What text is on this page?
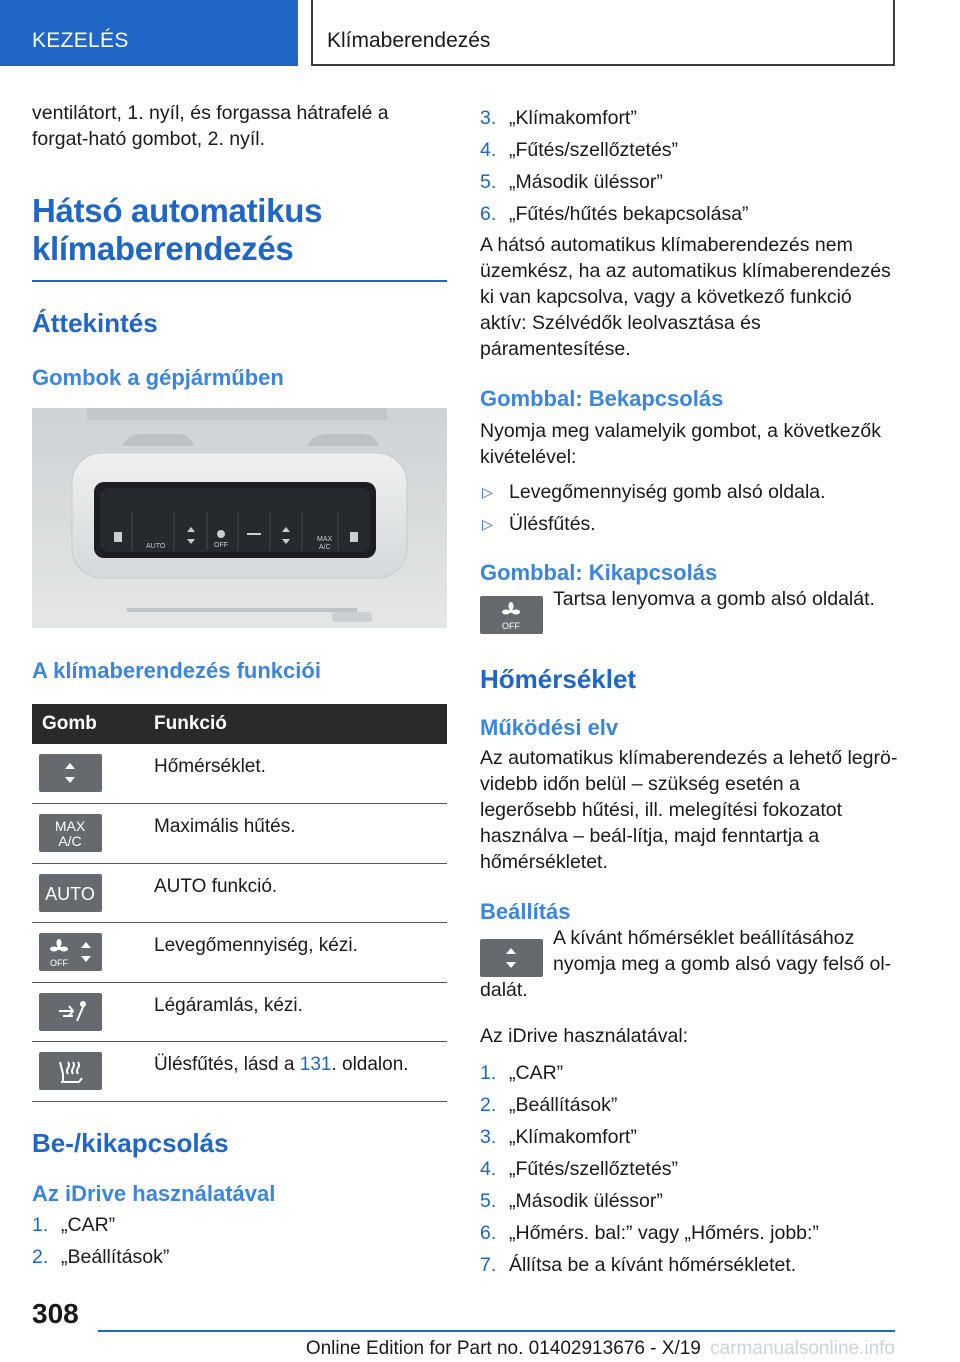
KEZELÉS	Klímaberendezés

ventilátort, 1. nyíl, és forgassa hátrafelé a forgat‐ható gombot, 2. nyíl.

Hátsó automatikus
klímaberendezés
Áttekintés
Gombok a gépjárműben
AUTO	OFF
MAX
A/C
A klímaberendezés funkciói
Gomb	Funkció

	Hőmérséklet.

MAX
A/C	Maximális hűtés.

AUTO	AUTO funkció.

OFF	Levegőmennyiség, kézi.

	Légáramlás, kézi.

	Ülésfűtés, lásd a 131. oldalon.
Be-/kikapcsolás
Az iDrive használatával
1. „CAR”
2. „Beállítások”
3. „Klímakomfort”
4. „Fűtés/szellőztetés”
5. „Második üléssor”
6. „Fűtés/hűtés bekapcsolása”

A hátsó automatikus klímaberendezés nem üzemkész, ha az automatikus klímaberendezés ki van kapcsolva, vagy a következő funkció aktív: Szélvédők leolvasztása és páramentesítése.

Gombbal: Bekapcsolás

Nyomja meg valamelyik gombot, a következők kivételével:

▷ Levegőmennyiség gomb alsó oldala.
▷ Ülésfűtés.
Gombbal: Kikapcsolás
OFF

Tartsa lenyomva a gomb alsó oldalát.

Hőmérséklet
Működési elv

Az automatikus klímaberendezés a lehető legrö‐videbb időn belül – szükség esetén a legerősebb hűtési, ill. melegítési fokozatot használva – beál‐lítja, majd fenntartja a hőmérsékletet.

Beállítás

A kívánt hőmérséklet beállításához

nyomja meg a gomb alsó vagy felső ol‐

dalát.

Az iDrive használatával:

1. „CAR”
2. „Beállítások”
3. „Klímakomfort”
4. „Fűtés/szellőztetés”
5. „Második üléssor”
6. „Hőmérs. bal:” vagy „Hőmérs. jobb:”
7. Állítsa be a kívánt hőmérsékletet.
308
Online Edition for Part no. 01402913676 - X/19 carmanualsonline.info
